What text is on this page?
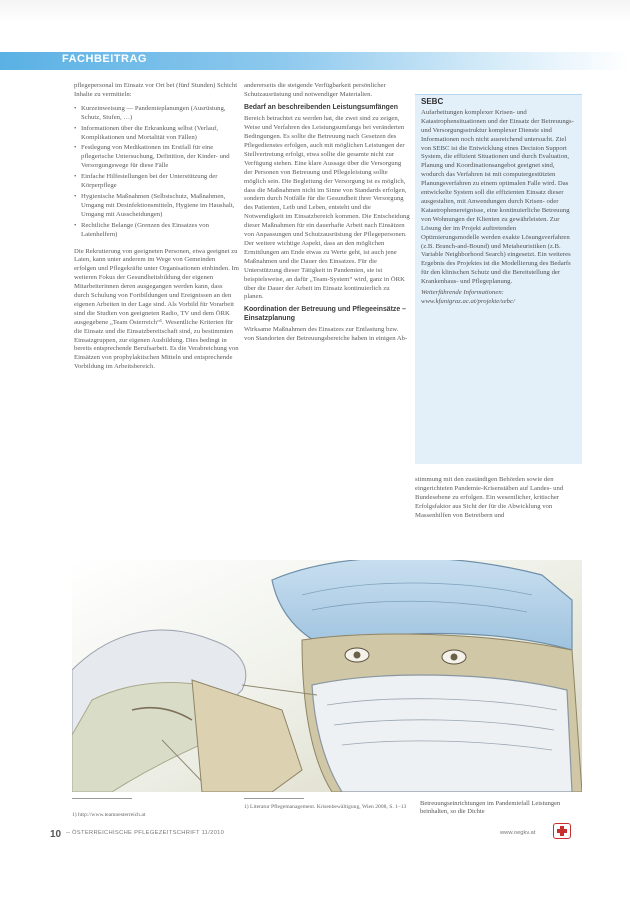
FACHBEITRAG

pflegepersonal im Einsatz vor Ort bei (fünf Stunden) Schicht Inhalte zu vermitteln:

• Kurzeinweisung — Pandemieplanungen (Ausrüstung, Schutz, Stufen, …)
• Informationen über die Erkrankung selbst (Verlauf, Komplikationen und Mortalität von Fällen)
• Festlegung von Medikationen im Erstfall für eine pflegerische Untersuchung, Definition, der Kinder- und Versorgungswege für diese Fälle
• Einfache Hilfestellungen bei der Unterstützung der Körperpflege
• Hygienische Maßnahmen (Selbstschutz, Maßnahmen, Umgang mit Desinfektionsmitteln, Hygiene im Haushalt, Umgang mit Ausscheidungen)
• Rechtliche Belange (Grenzen des Einsatzes von Laienhelfern)

Die Rekrutierung von geeigneten Personen, etwa geeignet zu Laien, kann unter anderem im Wege von Gemeinden erfolgen und Pflegekräfte unter Organisationen einbinden. Im weiteren Fokus der Gesundheitsbildung der eigenen Mitarbeiterinnen deren ausgegangen werden kann, dass durch Schulung von Fortbildungen und Ereignissen an den eigenen Arbeiten in der Lage sind. Als Vorbild für Vorarbeit sind die Studien von geeigneten Radio, TV und dem ÖRK ausgegebene „Team Österreich“¹. Wesentliche Kriterien für die Einsatz und die Einsatzbereitschaft sind, zu bestimmten Einsatzgruppen, zur eigenen Ausbildung. Dies bedingt in bereits entsprechende Berufsarbeit. Es die Verabreichung von Einsätzen von prophylaktischen Mitteln und entsprechende Vorbildung im Arbeitsbereich.

andererseits die steigende Verfügbarkeit persönlicher Schutzausrüstung und notwendiger Materialien.

Bedarf an beschreibenden Leistungsumfängen

Bereich betrachtet zu werden hat, die zwei sind zu zeigen, Weise und Verfahren des Leistungsumfangs bei veränderten Bedingungen. Es sollte die Betreuung nach Gesetzen des Pflegedienstes erfolgen, auch mit möglichen Leistungen der Stellvertretung erfolgt, etwa sollte die gesamte nicht zur Verfügung stehen. Eine klare Aussage über die Versorgung der Personen von Betreuung und Pflegeleistung sollte möglich sein. Die Begleitung der Versorgung ist es möglich, dass die Maßnahmen nicht im Sinne von Standards erfolgen, sondern durch Notfälle für die Gesundheit ihrer Versorgung des Patienten, Leib und Leben, entsteht und die Notwendigkeit im Einsatzbereich kommen. Die Entscheidung dieser Maßnahmen für ein dauerhafte Arbeit nach Einsätzen von Anpassungen und Schutzausrüstung der Pflegepersonen. Der weitere wichtige Aspekt, dass an den möglichen Ermittlungen am Ende etwas zu Werte geht, ist auch jene Maßnahmen und die Dauer des Einsatzes. Für die Unterstützung dieser Tätigkeit in Pandemien, sie ist beispielsweise, an dafür „Team-System“ wird, ganz in ÖRK über die Dauer der Arbeit im Einsatz kontinuierlich zu planen.

Koordination der Betreuung und Pflegeeinsätze – Einsatzplanung

Wirksame Maßnahmen des Einsatzes zur Entlastung bzw. von Standorten der Betreuungsbereiche haben in einigen Ab-

SEBC

Aufarbeitungen komplexer Krisen- und Katastrophensituationen und der Einsatz der Betreuungs- und Versorgungsstruktur komplexer Dienste sind Informationen noch nicht ausreichend untersucht. Ziel von SEBC ist die Entwicklung eines Decision Support System, die effizient Situationen und durch Evaluation, Planung und Koordinationsangebot geeignet sind, wodurch das Verfahren ist mit computergestützten Planungsverfahren zu einem optimalen Falle wird. Das entwickelte System soll die effizienten Einsatz dieser ausgestalten, mit Anwendungen durch Krisen- oder Katastrophenereignisse, eine kontinuierliche Betreuung von Wohnungen der Klienten zu gewährleisten. Zur Lösung der im Projekt auftretenden Optimierungsmodelle werden exakte Lösungsverfahren (z.B. Branch-and-Bound) und Metaheuristiken (z.B. Variable Neighborhood Search) eingesetzt. Ein weiteres Ergebnis des Projektes ist die Modellierung des Bedarfs für den klinischen Schutz und die Bereitstellung der Krankenhaus- und Pflegeplanung.

Weiterführende Informationen: www.kfunigraz.ac.at/projekte/sebc/

stimmung mit den zuständigen Behörden sowie den eingerichteten Pandemie-Krisenstäben auf Landes- und Bundesebene zu erfolgen. Ein wesentlicher, kritischer Erfolgsfaktor aus Sicht der für die Abwicklung von Massenhilfen von Betreibern und

1) http://www.teamoesterreich.at
1) Literatur Pflegemanagement. Krisenbewältigung, Wien 2008, S. 1–13	Betreuungseinrichtungen im Pandemiefall Leistungen beinhalten, so die Dichte
10 ÖSTERREICHISCHE PFLEGEZEITSCHRIFT 11/2010	www.oegkv.at
